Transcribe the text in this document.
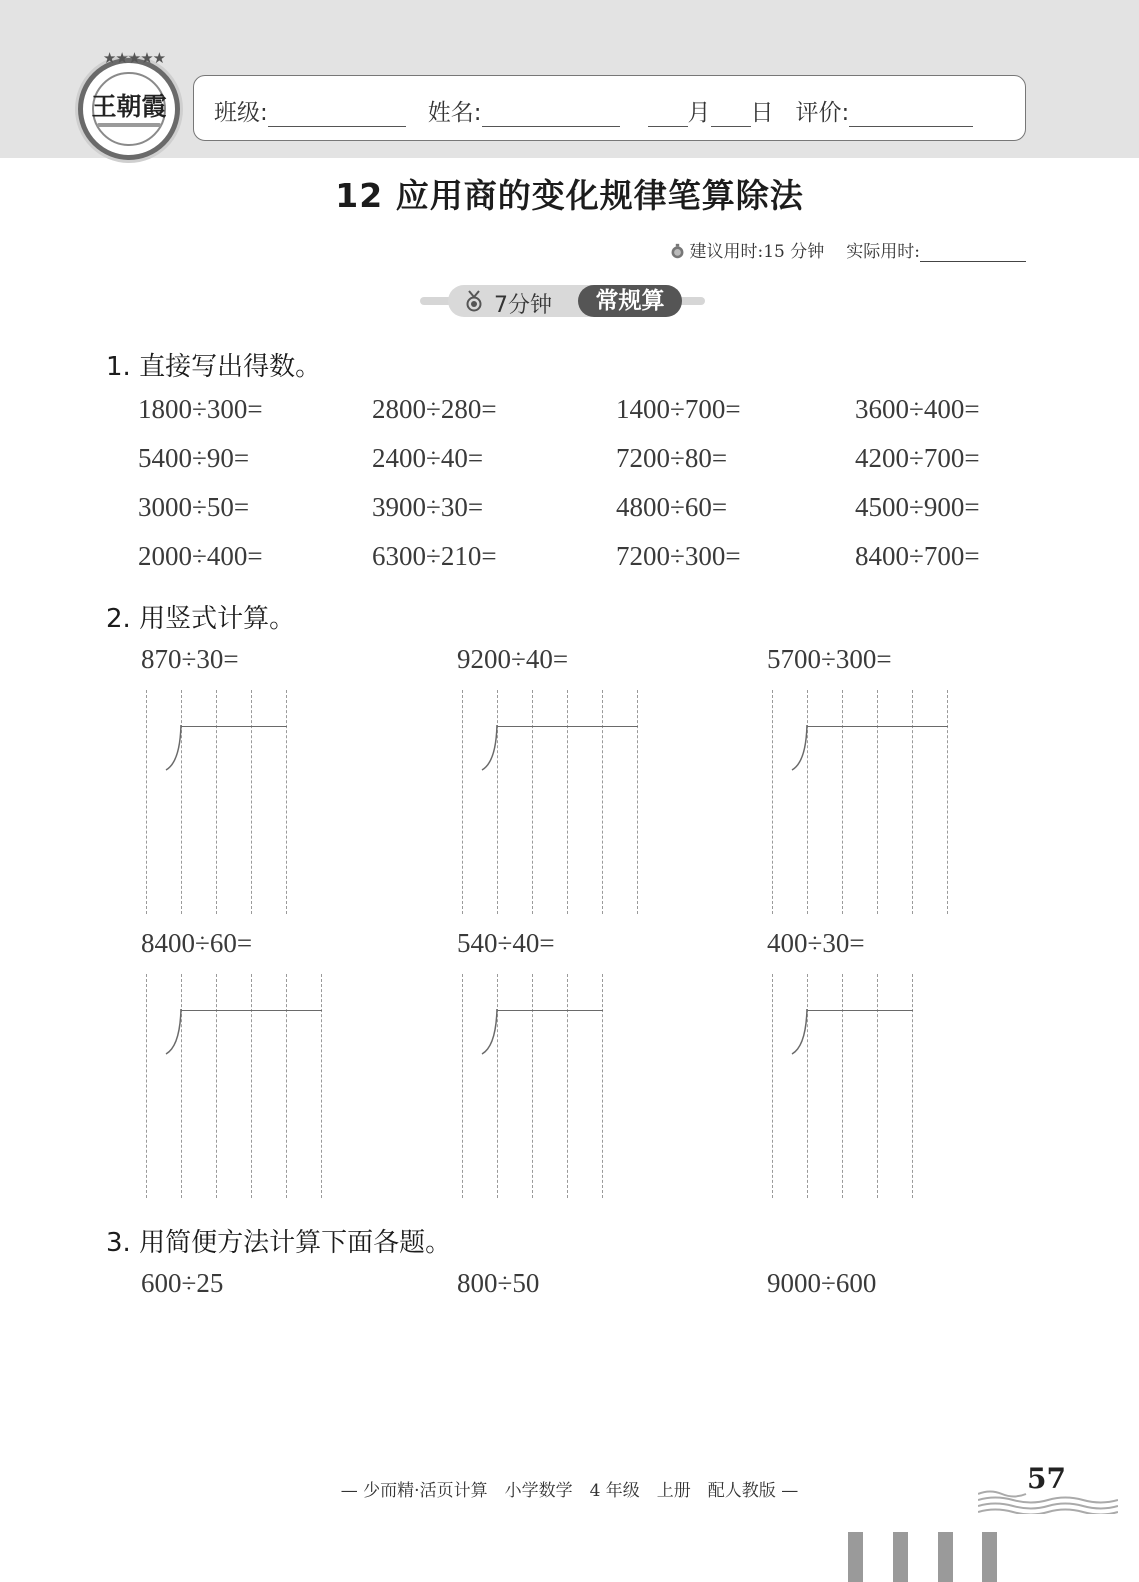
★★★★★
王朝霞	班级:	姓名:	月 日 评价:
12 应用商的变化规律笔算除法
建议用时:15 分钟 实际用时:
7分钟	常规算
1. 直接写出得数。
1800÷300=	2800÷280=	1400÷700=	3600÷400=
5400÷90=	2400÷40=	7200÷80=	4200÷700=
3000÷50=	3900÷30=	4800÷60=	4500÷900=
2000÷400=	6300÷210=	7200÷300=	8400÷700=
2. 用竖式计算。
870÷30=	9200÷40=	5700÷300=
8400÷60=	540÷40=	400÷30=
3. 用简便方法计算下面各题。
600÷25	800÷50	9000÷600
— 少而精·活页计算　小学数学　4 年级　上册　配人教版 —	57
